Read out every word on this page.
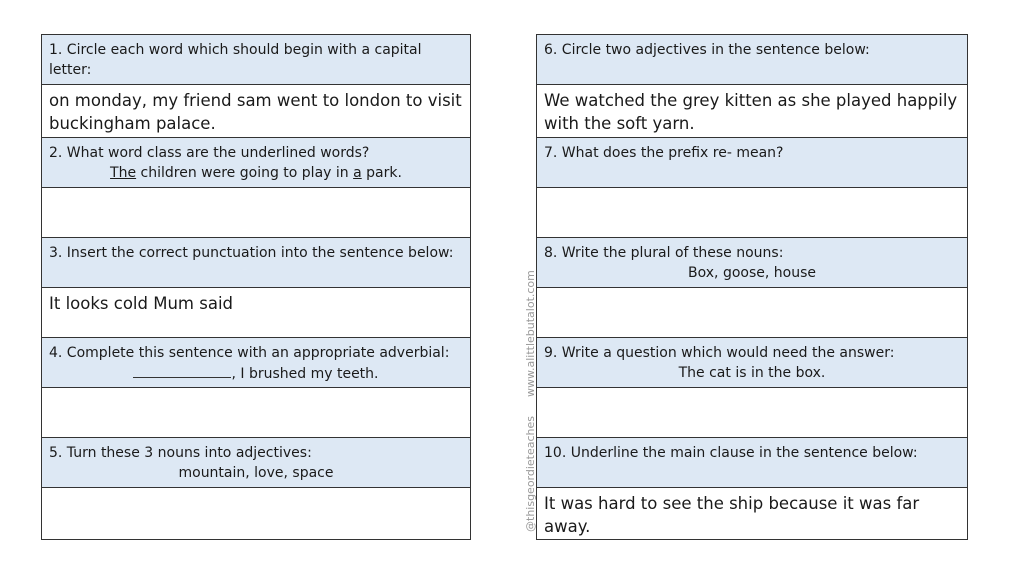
1. Circle each word which should begin with a capital letter:
on monday, my friend sam went to london to visit buckingham palace.
2. What word class are the underlined words?
The children were going to play in a park.
3. Insert the correct punctuation into the sentence below:
It looks cold Mum said
4. Complete this sentence with an appropriate adverbial:
, I brushed my teeth.
5. Turn these 3 nouns into adjectives:
mountain, love, space
6. Circle two adjectives in the sentence below:
We watched the grey kitten as she played happily with the soft yarn.
7. What does the prefix re- mean?
8. Write the plural of these nouns:
Box, goose, house
9. Write a question which would need the answer:
The cat is in the box.
10. Underline the main clause in the sentence below:
It was hard to see the ship because it was far away.
www.alittlebutalot.com
@thisgeordieteaches
